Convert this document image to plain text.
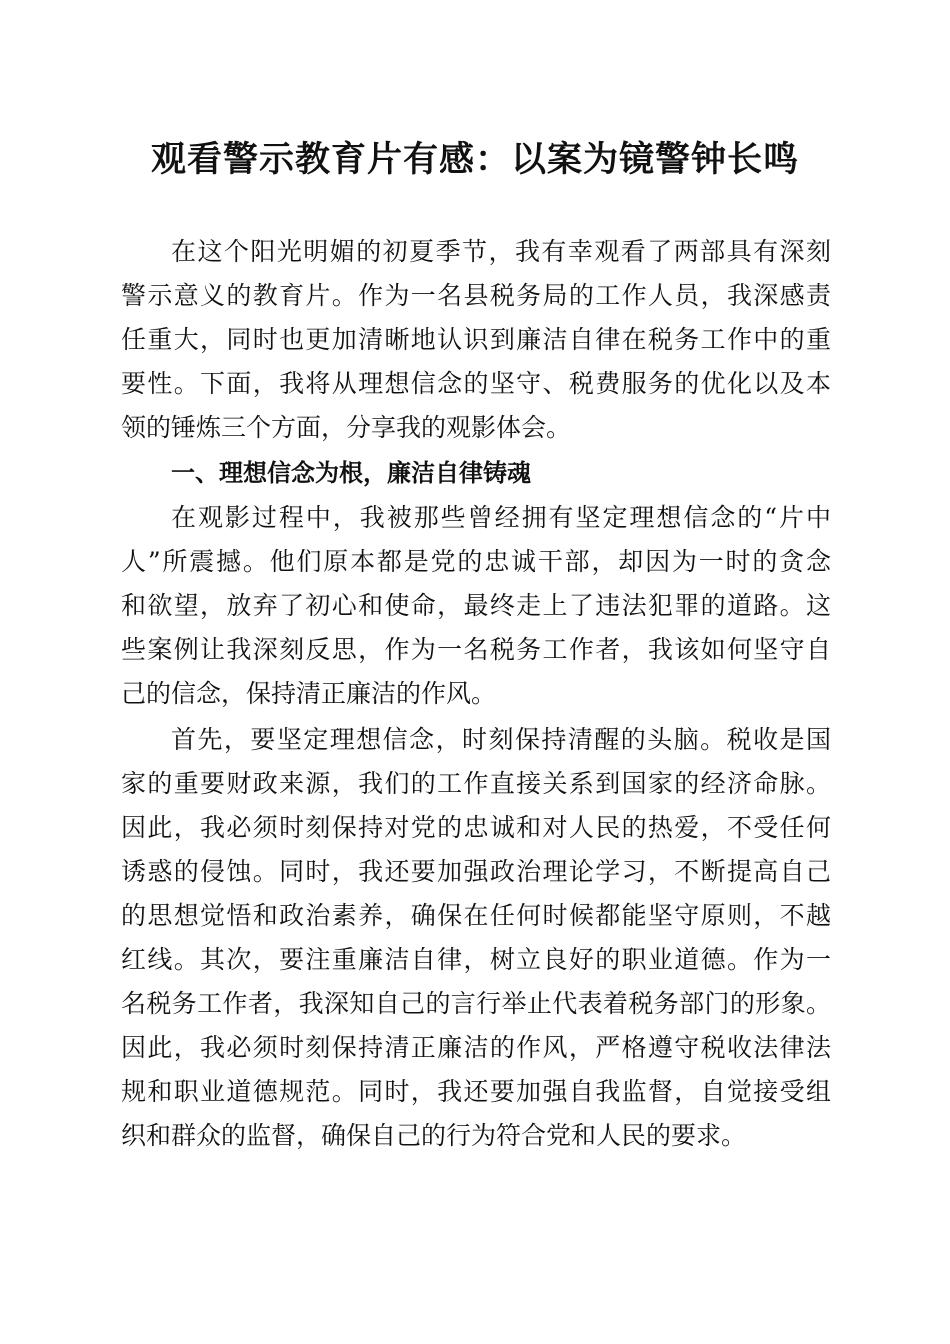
观看警示教育片有感：以案为镜警钟长鸣
在这个阳光明媚的初夏季节，我有幸观看了两部具有深刻
警示意义的教育片。作为一名县税务局的工作人员，我深感责
任重大，同时也更加清晰地认识到廉洁自律在税务工作中的重
要性。下面，我将从理想信念的坚守、税费服务的优化以及本
领的锤炼三个方面，分享我的观影体会。
一、理想信念为根，廉洁自律铸魂
在观影过程中，我被那些曾经拥有坚定理想信念的“片中
人”所震撼。他们原本都是党的忠诚干部，却因为一时的贪念
和欲望，放弃了初心和使命，最终走上了违法犯罪的道路。这
些案例让我深刻反思，作为一名税务工作者，我该如何坚守自
己的信念，保持清正廉洁的作风。
首先，要坚定理想信念，时刻保持清醒的头脑。税收是国
家的重要财政来源，我们的工作直接关系到国家的经济命脉。
因此，我必须时刻保持对党的忠诚和对人民的热爱，不受任何
诱惑的侵蚀。同时，我还要加强政治理论学习，不断提高自己
的思想觉悟和政治素养，确保在任何时候都能坚守原则，不越
红线。其次，要注重廉洁自律，树立良好的职业道德。作为一
名税务工作者，我深知自己的言行举止代表着税务部门的形象。
因此，我必须时刻保持清正廉洁的作风，严格遵守税收法律法
规和职业道德规范。同时，我还要加强自我监督，自觉接受组
织和群众的监督，确保自己的行为符合党和人民的要求。
